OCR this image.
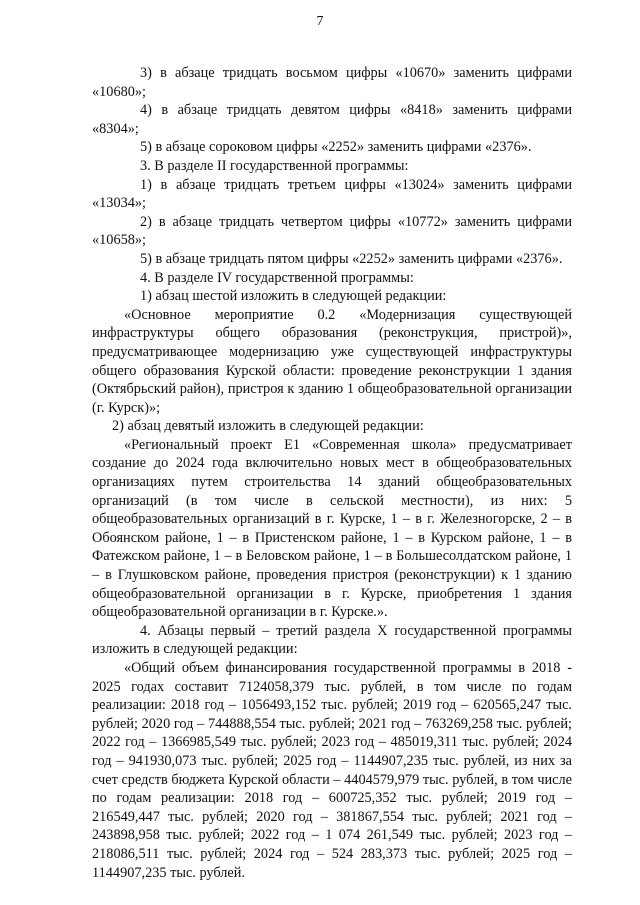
7

3) в абзаце тридцать восьмом цифры «10670» заменить цифрами «10680»;

4) в абзаце тридцать девятом цифры «8418» заменить цифрами «8304»;

5) в абзаце сороковом цифры «2252» заменить цифрами «2376».

3. В разделе II государственной программы:

1) в абзаце тридцать третьем цифры «13024» заменить цифрами «13034»;

2) в абзаце тридцать четвертом цифры «10772» заменить цифрами «10658»;

5) в абзаце тридцать пятом цифры «2252» заменить цифрами «2376».

4. В разделе IV государственной программы:

1) абзац шестой изложить в следующей редакции:

«Основное мероприятие 0.2 «Модернизация существующей инфраструктуры общего образования (реконструкция, пристрой)», предусматривающее модернизацию уже существующей инфраструктуры общего образования Курской области: проведение реконструкции 1 здания (Октябрьский район), пристроя к зданию 1 общеобразовательной организации (г. Курск)»;

2) абзац девятый изложить в следующей редакции:

«Региональный проект Е1 «Современная школа» предусматривает создание до 2024 года включительно новых мест в общеобразовательных организациях путем строительства 14 зданий общеобразовательных организаций (в том числе в сельской местности), из них: 5 общеобразовательных организаций в г. Курске, 1 – в г. Железногорске, 2 – в Обоянском районе, 1 – в Пристенском районе, 1 – в Курском районе, 1 – в Фатежском районе, 1 – в Беловском районе, 1 – в Большесолдатском районе, 1 – в Глушковском районе, проведения пристроя (реконструкции) к 1 зданию общеобразовательной организации в г. Курске, приобретения 1 здания общеобразовательной организации в г. Курске.».

4. Абзацы первый – третий раздела X государственной программы изложить в следующей редакции:

«Общий объем финансирования государственной программы в 2018 - 2025 годах составит 7124058,379 тыс. рублей, в том числе по годам реализации: 2018 год – 1056493,152 тыс. рублей; 2019 год – 620565,247 тыс. рублей; 2020 год – 744888,554 тыс. рублей; 2021 год – 763269,258 тыс. рублей; 2022 год – 1366985,549 тыс. рублей; 2023 год – 485019,311 тыс. рублей; 2024 год – 941930,073 тыс. рублей; 2025 год – 1144907,235 тыс. рублей, из них за счет средств бюджета Курской области – 4404579,979 тыс. рублей, в том числе по годам реализации: 2018 год – 600725,352 тыс. рублей; 2019 год – 216549,447 тыс. рублей; 2020 год – 381867,554 тыс. рублей; 2021 год – 243898,958 тыс. рублей; 2022 год – 1 074 261,549 тыс. рублей; 2023 год – 218086,511 тыс. рублей; 2024 год – 524 283,373 тыс. рублей; 2025 год – 1144907,235 тыс. рублей.
